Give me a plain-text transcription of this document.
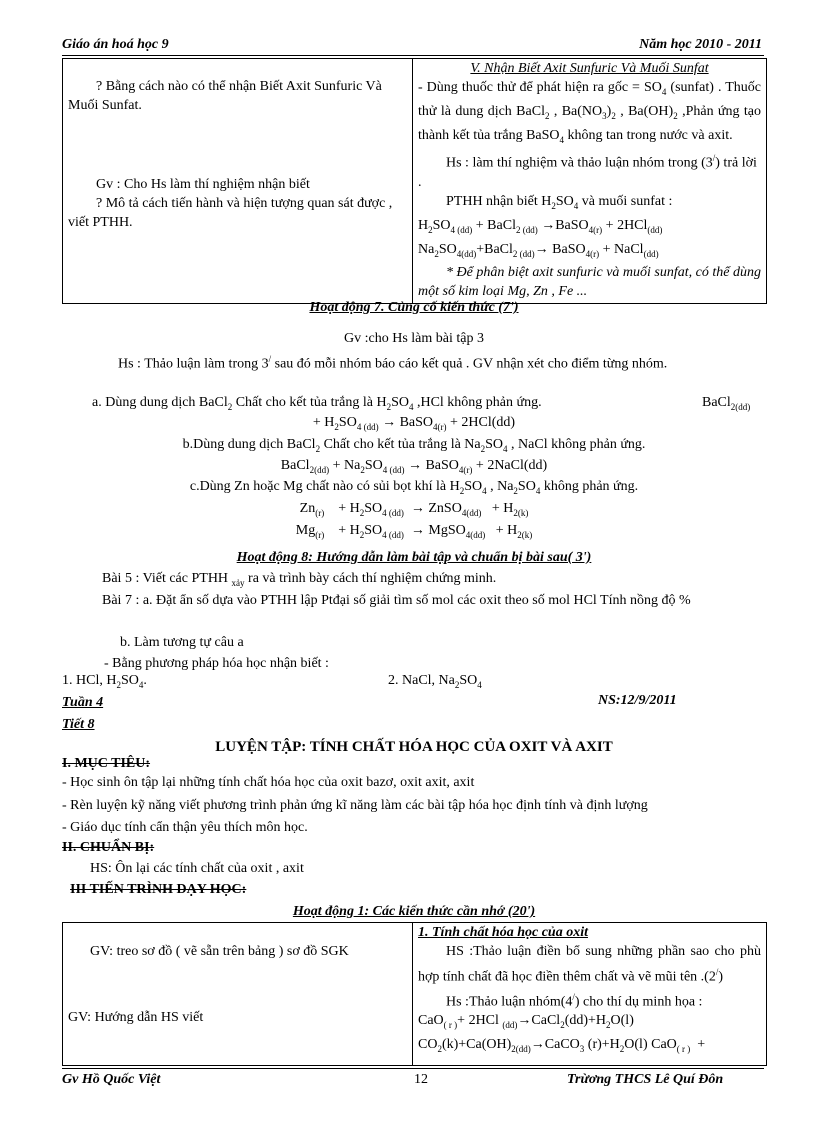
Giáo án hoá học 9	Năm học 2010 - 2011
? Bằng cách nào có thể nhận Biết Axit Sunfuric Và Muối Sunfat.
Gv : Cho Hs làm thí nghiệm nhận biết
? Mô tả cách tiến hành và hiện tượng quan sát được , viết PTHH.

V. Nhận Biết Axit Sunfuric Và Muối Sunfat
- Dùng thuốc thử để phát hiện ra gốc = $SO_4$ (sunfat) . Thuốc thử là dung dịch BaCl$_2$ , $Ba(NO_3)_2$ , $Ba(OH)_2$ ,Phản ứng tạo thành kết tủa trắng BaSO$_4$ không tan trong nước và axit.
Hs : làm thí nghiệm và thảo luận nhóm trong (3/) trả lời .
PTHH nhận biết $H_2SO_4$ và muối sunfat :
$H_2SO_{4 (dd)}$ + BaCl$_{2 (dd)}$ →BaSO$_{4(r)}$ + 2HCl$_{(dd)}$
$Na_2SO_{4(dd)}+BaCl_{2 (dd)}\to$ BaSO$_{4(r)}$ + NaCl$_{(dd)}$
* Để phân biệt axit sunfuric và muối sunfat, có thể dùng một số kim loại Mg, Zn , Fe ...
Hoạt động 7. Củng cố kiến thức (7')
Gv :cho Hs làm bài tập 3
Hs : Thảo luận làm trong 3/ sau đó mỗi nhóm báo cáo kết quả . GV nhận xét cho điểm từng nhóm.
a. Dùng dung dịch BaCl$_2$ Chất cho kết tủa trắng là $H_2SO_4$ ,HCl không phản ứng.	BaCl$_{2(dd)}$
+ $H_2SO_{4 (dd)}$ → BaSO$_{4(r)}$ + 2HCl(dd)
b.Dùng dung dịch BaCl$_2$ Chất cho kết tủa trắng là $Na_2SO_4$ , NaCl không phản ứng.
BaCl$_{2(dd)}$ + $Na_2SO_{4 (dd)}$ → BaSO$_{4(r)}$ + 2NaCl(dd)
c.Dùng Zn hoặc Mg chất nào có sủi bọt khí là $H_2SO_4$ , $Na_2SO_4$ không phản ứng.
$Zn_{(r)}$    + $H_2SO_{4 (dd)}$  → ZnSO$_{4(dd)}$   + $H_{2(k)}$
$Mg_{(r)}$    + $H_2SO_{4 (dd)}$  → MgSO$_{4(dd)}$   + $H_{2(k)}$
Hoạt động 8: Hướng dẫn làm bài tập và chuẩn bị bài sau( 3')
Bài 5 : Viết các PTHH $_{xảy}$ ra và trình bày cách thí nghiệm chứng minh.
Bài 7 : a. Đặt ẩn số dựa vào PTHH lập Ptđại số giải tìm số mol các oxit theo số mol HCl Tính nồng độ %
b. Làm tương tự câu a
- Bằng phương pháp hóa học nhận biết :
1. HCl, $H_2SO_4$.	2. NaCl, $Na_2SO_4$
Tuần 4	NS:12/9/2011
Tiết 8
LUYỆN TẬP: TÍNH CHẤT HÓA HỌC CỦA OXIT VÀ AXIT
I. MỤC TIÊU:
- Học sinh ôn tập lại những tính chất hóa học của oxit bazơ, oxit axit, axit
- Rèn luyện kỹ năng viết phương trình phản ứng kĩ năng làm các bài tập hóa học định tính và định lượng
- Giáo dục tính cẩn thận yêu thích môn học.
II. CHUẨN BỊ:
HS: Ôn lại các tính chất của oxit , axit
III TIẾN TRÌNH DẠY HỌC:
Hoạt động 1: Các kiến thức cần nhớ (20')
GV: treo sơ đồ ( vẽ sẵn trên bảng ) sơ đồ SGK
GV: Hướng dẫn HS viết

1. Tính chất hóa học của oxit
HS :Thảo luận điền bổ sung những phần sao cho phù hợp tính chất đã học điền thêm chất và vẽ mũi tên .(2/)
Hs :Thảo luận nhóm(4/) cho thí dụ minh họa :
CaO$_{( r )}$+ 2HCl $_{(dd)}\to CaCl_2(dd)+H_2O(l)$
$CO_2(k)+Ca(OH)_{2(dd)}\to CaCO_3$ $(r)+H_2O(l) CaO_{( r )}$  +
Gv Hồ Quốc Việt	12	Trừơng THCS Lê Quí Đôn
